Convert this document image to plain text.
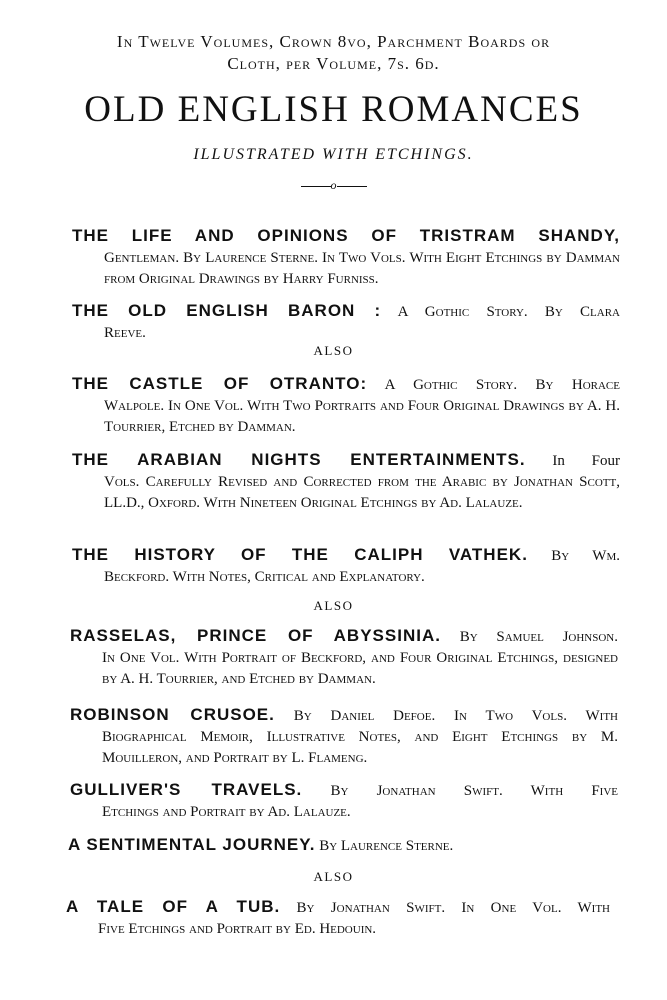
In Twelve Volumes, Crown 8vo, Parchment Boards or
Cloth, per Volume, 7s. 6d.
OLD ENGLISH ROMANCES
ILLUSTRATED WITH ETCHINGS.
o

THE LIFE AND OPINIONS OF TRISTRAM SHANDY,

Gentleman. By Laurence Sterne. In Two Vols. With Eight Etchings by Damman from Original Drawings by Harry Furniss.

THE OLD ENGLISH BARON : A Gothic Story. By Clara

Reeve.

ALSO

THE CASTLE OF OTRANTO: A Gothic Story. By Horace

Walpole. In One Vol. With Two Portraits and Four Original Drawings by A. H. Tourrier, Etched by Damman.

THE ARABIAN NIGHTS ENTERTAINMENTS. In Four

Vols. Carefully Revised and Corrected from the Arabic by Jonathan Scott, LL.D., Oxford. With Nineteen Original Etchings by Ad. Lalauze.

THE HISTORY OF THE CALIPH VATHEK. By Wm.

Beckford. With Notes, Critical and Explanatory.

ALSO

RASSELAS, PRINCE OF ABYSSINIA. By Samuel Johnson.

In One Vol. With Portrait of Beckford, and Four Original Etchings, designed by A. H. Tourrier, and Etched by Damman.

ROBINSON CRUSOE. By Daniel Defoe. In Two Vols. With

Biographical Memoir, Illustrative Notes, and Eight Etchings by M. Mouilleron, and Portrait by L. Flameng.

GULLIVER'S TRAVELS. By Jonathan Swift. With Five

Etchings and Portrait by Ad. Lalauze.

A SENTIMENTAL JOURNEY. By Laurence Sterne.

ALSO

A TALE OF A TUB. By Jonathan Swift. In One Vol. With

Five Etchings and Portrait by Ed. Hedouin.
